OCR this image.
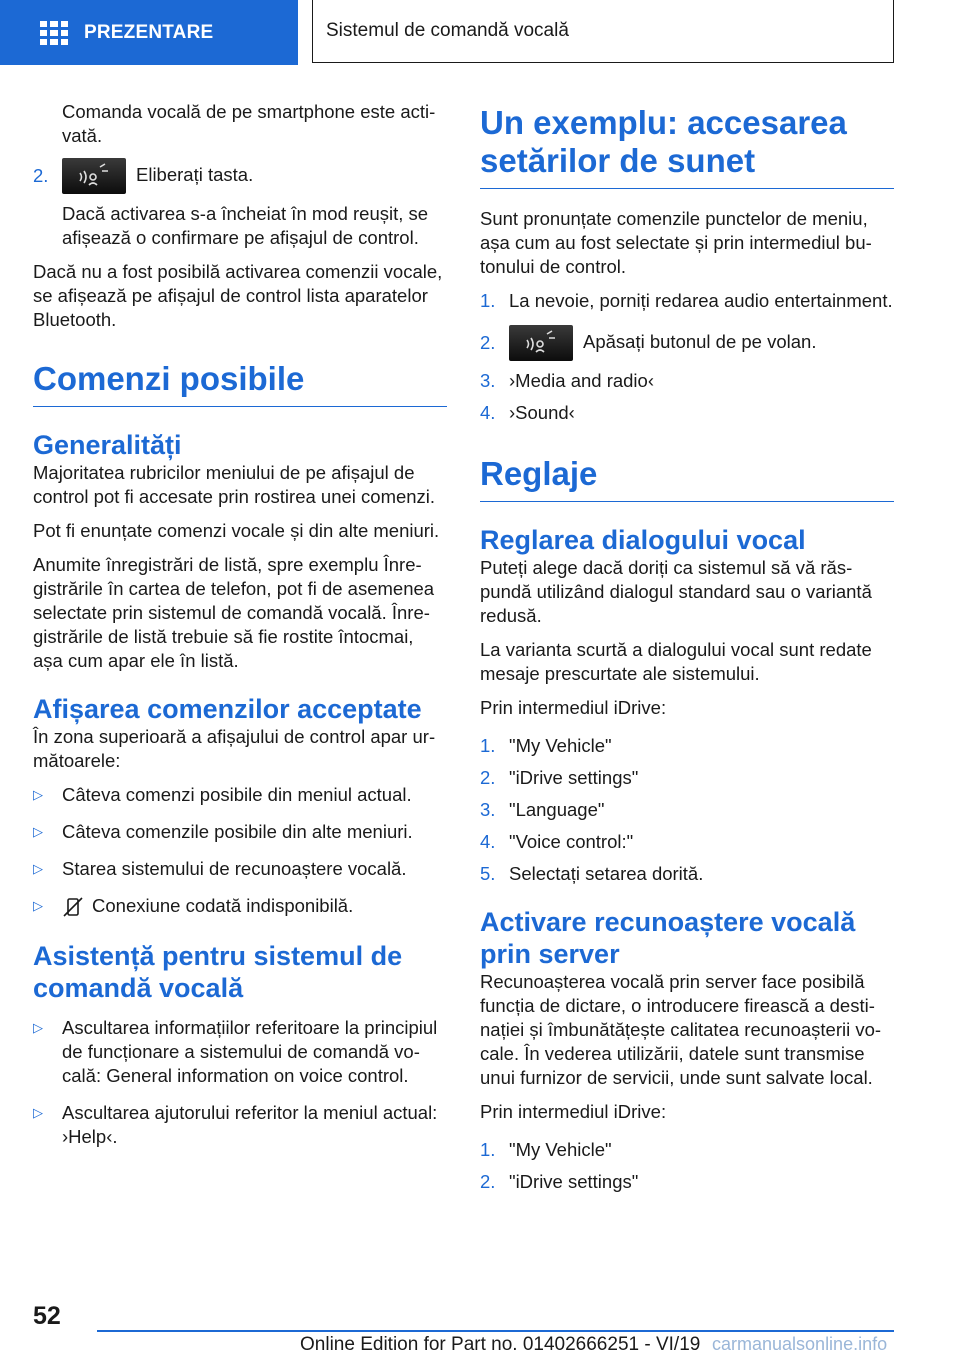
PREZENTARE	Sistemul de comandă vocală

Comanda vocală de pe smartphone este activată.

2.	Eliberați tasta.

Dacă activarea s-a încheiat în mod reușit, se afișează o confirmare pe afișajul de control.

Dacă nu a fost posibilă activarea comenzii vocale, se afișează pe afișajul de control lista aparatelor Bluetooth.

Comenzi posibile
Generalități

Majoritatea rubricilor meniului de pe afișajul de control pot fi accesate prin rostirea unei comenzi.

Pot fi enunțate comenzi vocale și din alte meniuri.

Anumite înregistrări de listă, spre exemplu Înregistrările în cartea de telefon, pot fi de asemenea selectate prin sistemul de comandă vocală. Înregistrările de listă trebuie să fie rostite întocmai, așa cum apar ele în listă.

Afișarea comenzilor acceptate

În zona superioară a afișajului de control apar următoarele:

▷	Câteva comenzi posibile din meniul actual.
▷	Câteva comenzile posibile din alte meniuri.
▷	Starea sistemului de recunoaștere vocală.
▷	Conexiune codată indisponibilă.
Asistență pentru sistemul de comandă vocală
▷	Ascultarea informațiilor referitoare la principiul de funcționare a sistemului de comandă vocală: General information on voice control.
▷	Ascultarea ajutorului referitor la meniul actual: ›Help‹.
Un exemplu: accesarea setărilor de sunet

Sunt pronunțate comenzile punctelor de meniu, așa cum au fost selectate și prin intermediul butonului de control.

1. La nevoie, porniți redarea audio entertainment.
2.	Apăsați butonul de pe volan.
3. ›Media and radio‹
4. ›Sound‹
Reglaje
Reglarea dialogului vocal

Puteți alege dacă doriți ca sistemul să vă răspundă utilizând dialogul standard sau o variantă redusă.

La varianta scurtă a dialogului vocal sunt redate mesaje prescurtate ale sistemului.

Prin intermediul iDrive:

1. "My Vehicle"
2. "iDrive settings"
3. "Language"
4. "Voice control:"
5. Selectați setarea dorită.
Activare recunoaștere vocală prin server

Recunoașterea vocală prin server face posibilă funcția de dictare, o introducere firească a destinației și îmbunătățește calitatea recunoașterii vocale. În vederea utilizării, datele sunt transmise unui furnizor de servicii, unde sunt salvate local.

Prin intermediul iDrive:

1. "My Vehicle"
2. "iDrive settings"
52
Online Edition for Part no. 01402666251 - VI/19 carmanualsonline.info
